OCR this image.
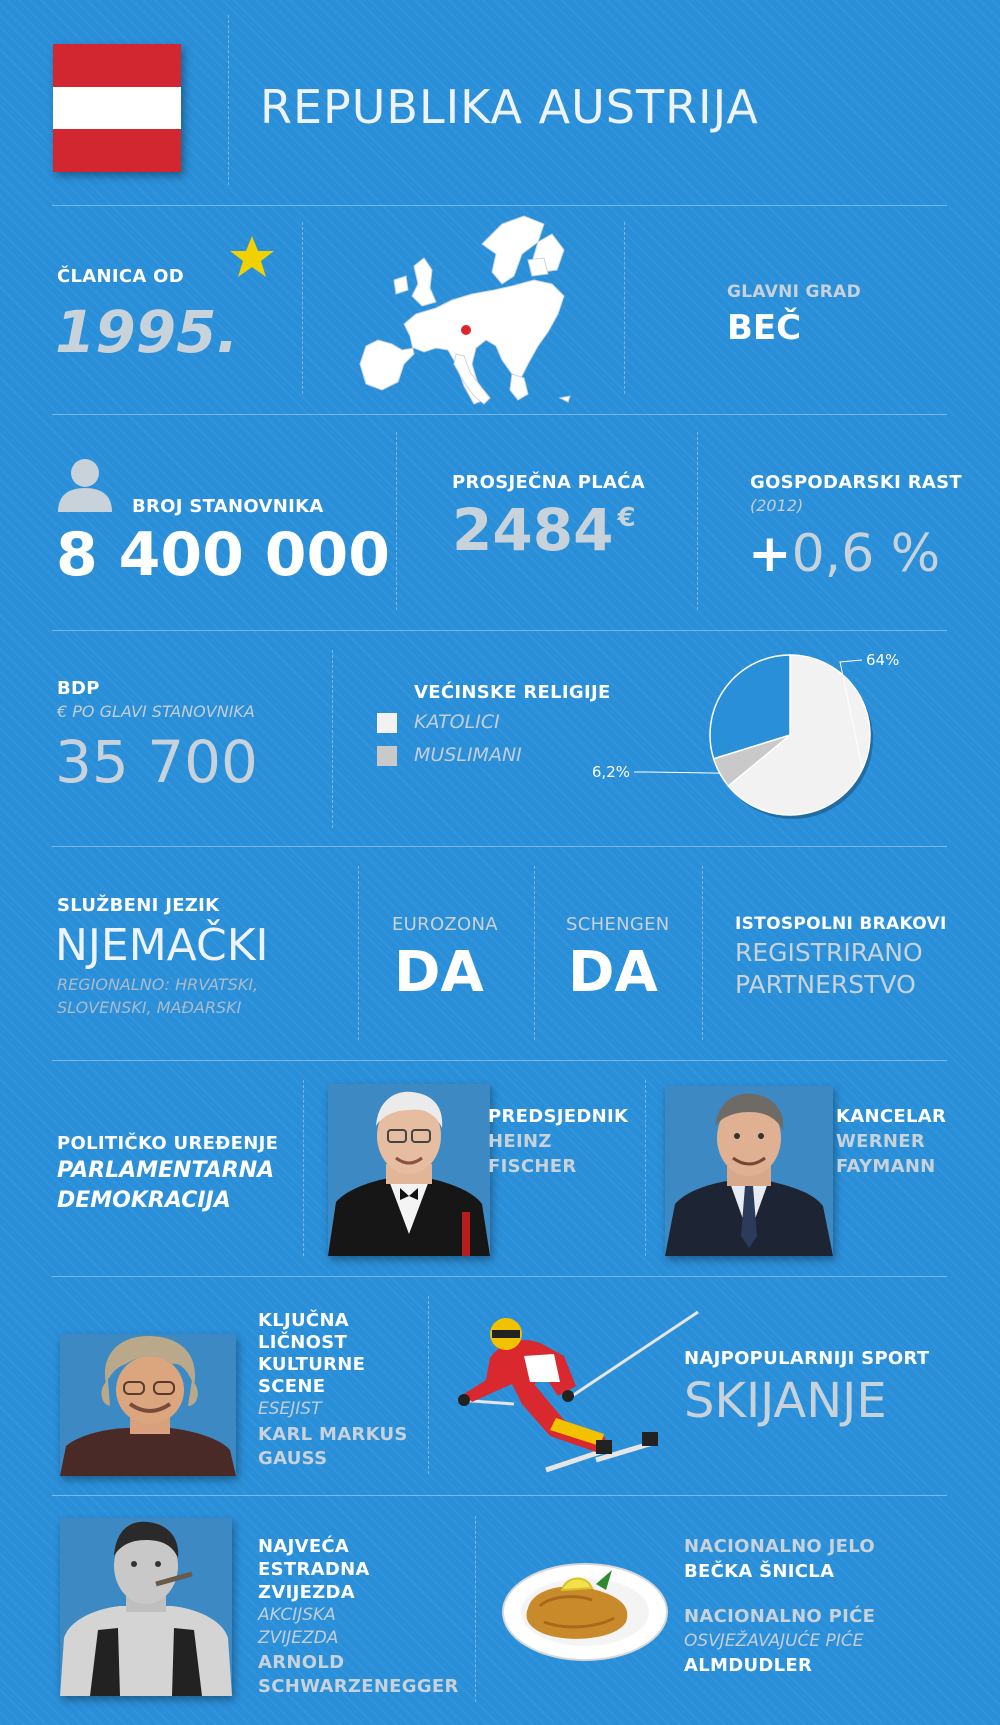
REPUBLIKA AUSTRIJA
ČLANICA OD
1995.
GLAVNI GRAD
BEČ
BROJ STANOVNIKA
8 400 000
PROSJEČNA PLAĆA
2484 €
GOSPODARSKI RAST
(2012)
+0,6 %
BDP
€ PO GLAVI STANOVNIKA
35 700
VEĆINSKE RELIGIJE
KATOLICI
MUSLIMANI
64%
6,2%
SLUŽBENI JEZIK
NJEMAČKI
REGIONALNO: HRVATSKI,
SLOVENSKI, MAĐARSKI
EUROZONA
DA
SCHENGEN
DA
ISTOSPOLNI BRAKOVI
REGISTRIRANO
PARTNERSTVO
POLITIČKO UREĐENJE
PARLAMENTARNA
DEMOKRACIJA
PREDSJEDNIK
HEINZ
FISCHER
KANCELAR
WERNER
FAYMANN
KLJUČNA
LIČNOST
KULTURNE
SCENE
ESEJIST
KARL MARKUS
GAUSS
NAJPOPULARNIJI SPORT
SKIJANJE
NAJVEĆA
ESTRADNA
ZVIJEZDA
AKCIJSKA
ZVIJEZDA
ARNOLD
SCHWARZENEGGER
NACIONALNO JELO
BEČKA ŠNICLA
NACIONALNO PIĆE
OSVJEŽAVAJUĆE PIĆE
ALMDUDLER
